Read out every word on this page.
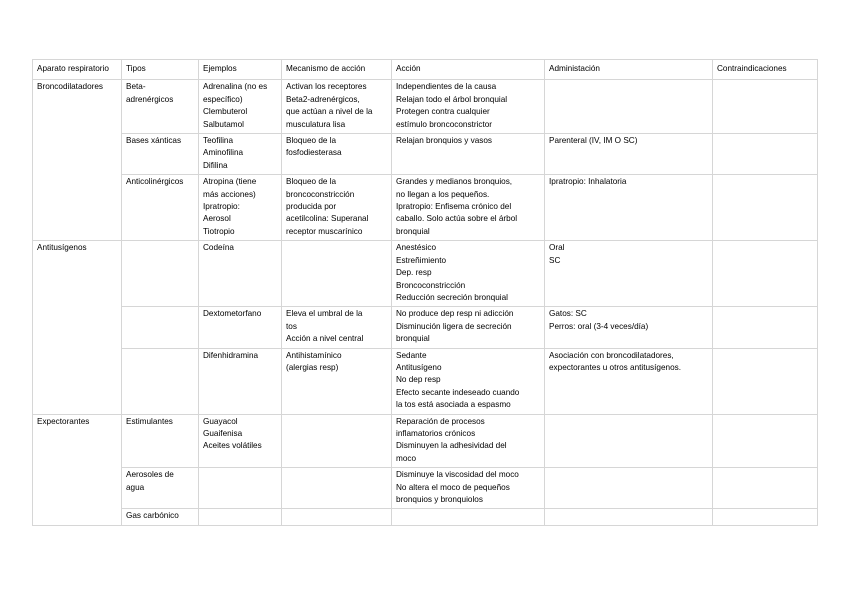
Aparato respiratorio	Tipos	Ejemplos	Mecanismo de acción	Acción	Administación	Contraindicaciones

Broncodilatadores	Beta-
adrenérgicos	Adrenalina (no es
específico)
Clembuterol
Salbutamol	Activan los receptores
Beta2-adrenérgicos,
que actúan a nivel de la
musculatura lisa	Independientes de la causa
Relajan todo el árbol bronquial
Protegen contra cualquier
estímulo broncoconstrictor		

	Bases xánticas	Teofilina
Aminofilina
Difilina	Bloqueo de la
fosfodiesterasa	Relajan bronquios y vasos	Parenteral (IV, IM O SC)	

	Anticolinérgicos	Atropina (tiene
más acciones)
Ipratropio:
Aerosol
Tiotropio	Bloqueo de la
broncoconstricción
producida por
acetilcolina: Superanal
receptor muscarínico	Grandes y medianos bronquios,
no llegan a los pequeños.
Ipratropio: Enfisema crónico del
caballo. Solo actúa sobre el árbol
bronquial	Ipratropio: Inhalatoria	

Antitusígenos		Codeína		Anestésico
Estreñimiento
Dep. resp
Broncoconstricción
Reducción secreción bronquial	Oral
SC	

		Dextometorfano	Eleva el umbral de la
tos
Acción a nivel central	No produce dep resp ni adicción
Disminución ligera de secreción
bronquial	Gatos: SC
Perros: oral (3-4 veces/día)	

		Difenhidramina	Antihistamínico
(alergias resp)	Sedante
Antitusígeno
No dep resp
Efecto secante indeseado cuando
la tos está asociada a espasmo	Asociación con broncodilatadores,
expectorantes u otros antitusígenos.	

Expectorantes	Estimulantes	Guayacol
Guaifenisa
Aceites volátiles		Reparación de procesos
inflamatorios crónicos
Disminuyen la adhesividad del
moco		

	Aerosoles de
agua			Disminuye la viscosidad del moco
No altera el moco de pequeños
bronquios y bronquiolos		

	Gas carbónico					
